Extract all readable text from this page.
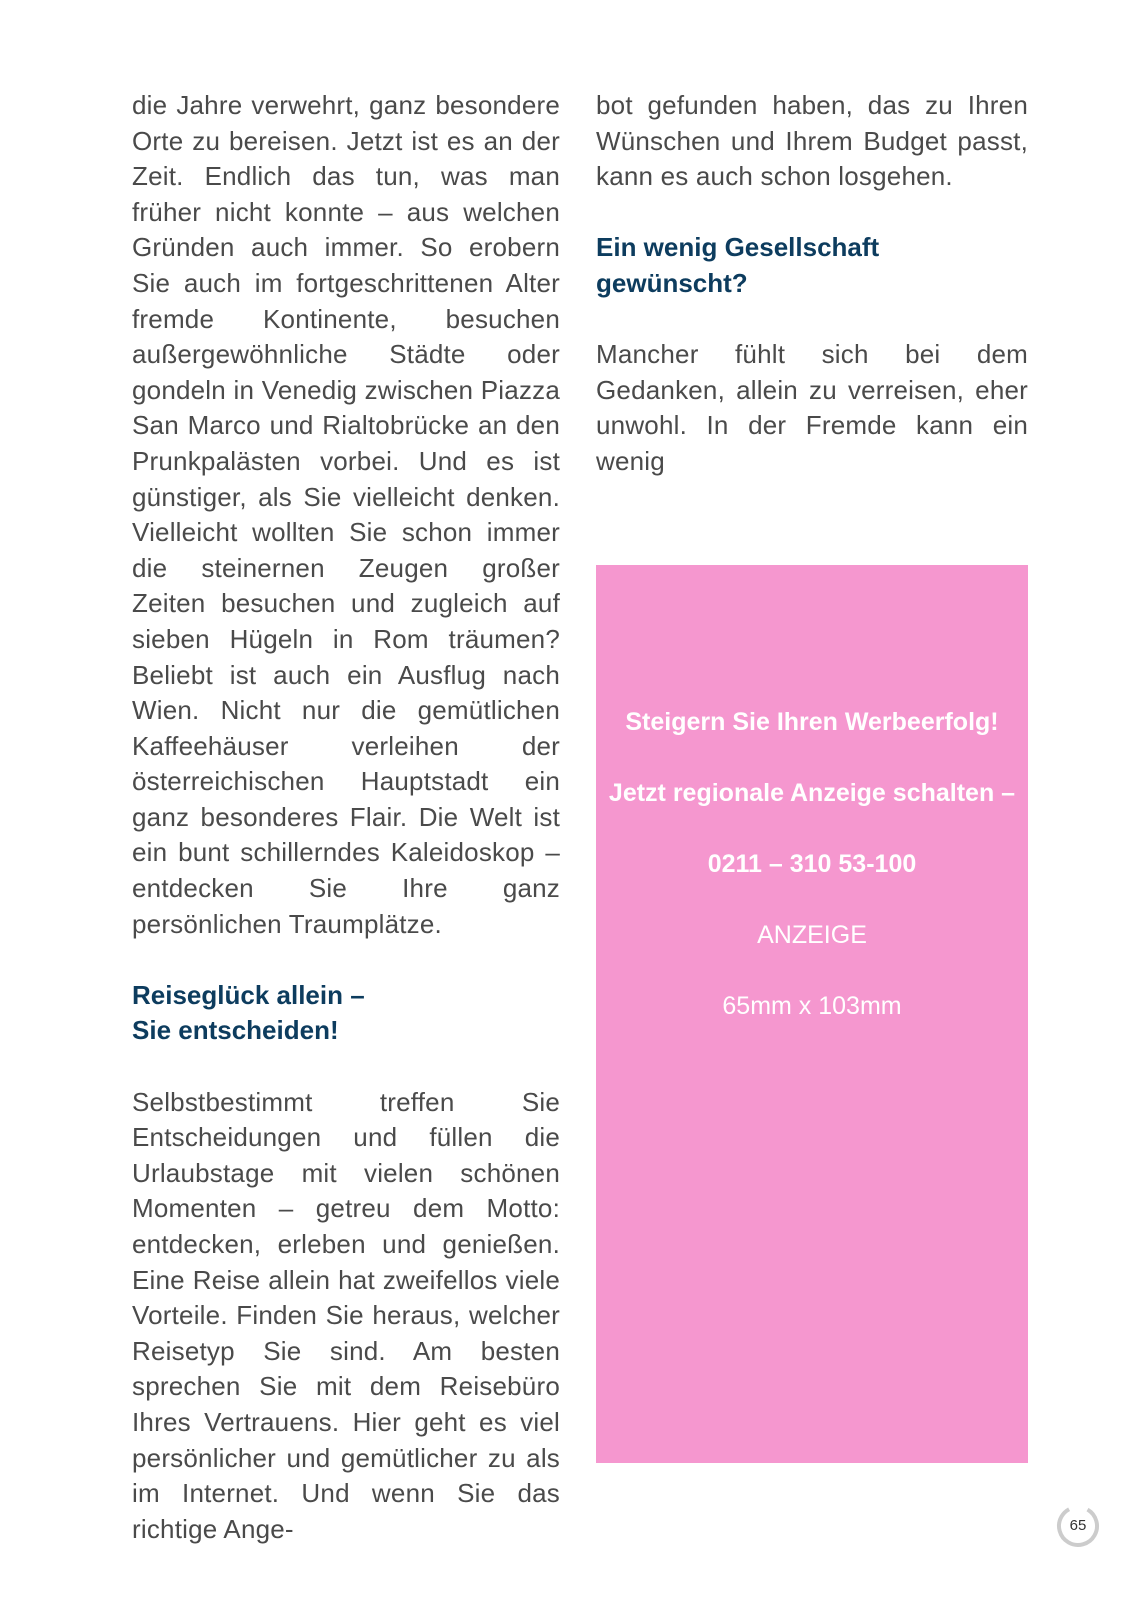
die Jahre verwehrt, ganz besondere Orte zu bereisen. Jetzt ist es an der Zeit. Endlich das tun, was man früher nicht konnte – aus welchen Gründen auch immer. So erobern Sie auch im fortgeschrittenen Alter fremde Kontinente, besuchen außergewöhnliche Städte oder gondeln in Venedig zwischen Piazza San Marco und Rialtobrücke an den Prunkpalästen vorbei. Und es ist günstiger, als Sie vielleicht denken. Vielleicht wollten Sie schon immer die steinernen Zeugen großer Zeiten besuchen und zugleich auf sieben Hügeln in Rom träumen? Beliebt ist auch ein Ausflug nach Wien. Nicht nur die gemütlichen Kaffeehäuser verleihen der österreichischen Hauptstadt ein ganz besonderes Flair. Die Welt ist ein bunt schillerndes Kaleidoskop – entdecken Sie Ihre ganz persönlichen Traumplätze.

Reiseglück allein –
Sie entscheiden!

Selbstbestimmt treffen Sie Entscheidungen und füllen die Urlaubstage mit vielen schönen Momenten – getreu dem Motto: entdecken, erleben und genießen. Eine Reise allein hat zweifellos viele Vorteile. Finden Sie heraus, welcher Reisetyp Sie sind. Am besten sprechen Sie mit dem Reisebüro Ihres Vertrauens. Hier geht es viel persönlicher und gemütlicher zu als im Internet. Und wenn Sie das richtige Ange-

bot gefunden haben, das zu Ihren Wünschen und Ihrem Budget passt, kann es auch schon losgehen.

Ein wenig Gesellschaft
gewünscht?

Mancher fühlt sich bei dem Gedanken, allein zu verreisen, eher unwohl. In der Fremde kann ein wenig

Steigern Sie Ihren Werbeerfolg!
Jetzt regionale Anzeige schalten –
0211 – 310 53-100
ANZEIGE
65mm x 103mm
65
